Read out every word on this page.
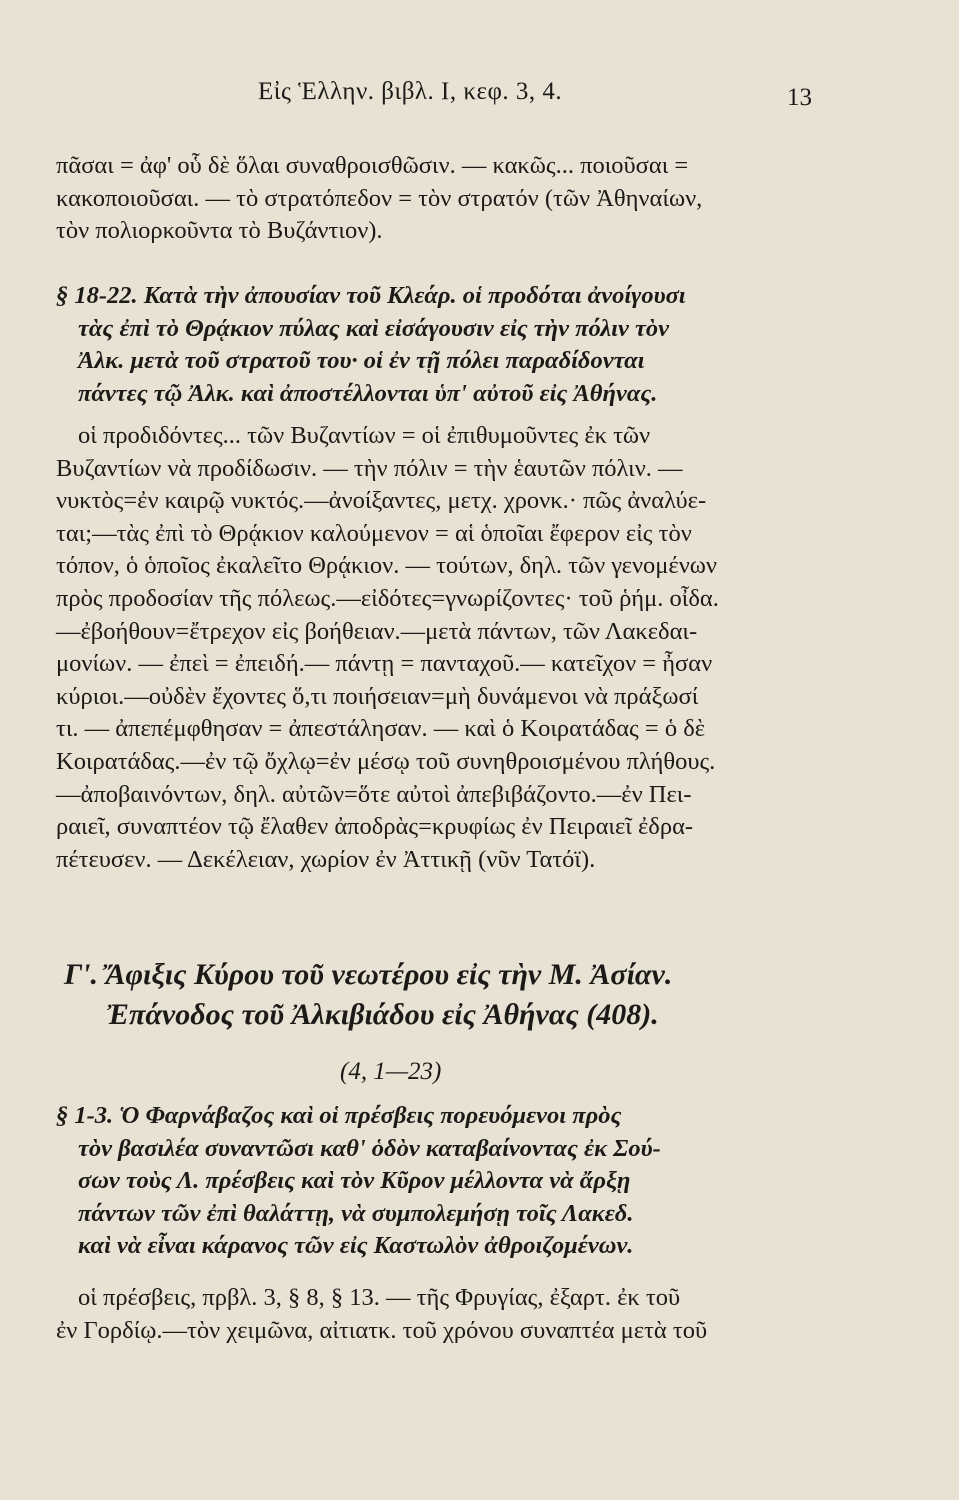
Εἰς Ἑλλην. βιβλ. Ι, κεφ. 3, 4.	13
πᾶσαι = ἀφ' οὗ δὲ ὅλαι συναθροισθῶσιν. — κακῶς... ποιοῦσαι =
κακοποιοῦσαι. — τὸ στρατόπεδον = τὸν στρατόν (τῶν Ἀθηναίων,
τὸν πολιορκοῦντα τὸ Βυζάντιον).
§ 18-22. Κατὰ τὴν ἀπουσίαν τοῦ Κλεάρ. οἱ προδόται ἀνοίγουσι
τὰς ἐπὶ τὸ Θρᾴκιον πύλας καὶ εἰσάγουσιν εἰς τὴν πόλιν τὸν
Ἀλκ. μετὰ τοῦ στρατοῦ του· οἱ ἐν τῇ πόλει παραδίδονται
πάντες τῷ Ἀλκ. καὶ ἀποστέλλονται ὑπ' αὐτοῦ εἰς Ἀθήνας.
οἱ προδιδόντες... τῶν Βυζαντίων = οἱ ἐπιθυμοῦντες ἐκ τῶν
Βυζαντίων νὰ προδίδωσιν. — τὴν πόλιν = τὴν ἑαυτῶν πόλιν. —
νυκτὸς=ἐν καιρῷ νυκτός.—ἀνοίξαντες, μετχ. χρονκ.· πῶς ἀναλύε-
ται;—τὰς ἐπὶ τὸ Θρᾴκιον καλούμενον = αἱ ὁποῖαι ἔφερον εἰς τὸν
τόπον, ὁ ὁποῖος ἐκαλεῖτο Θρᾴκιον. — τούτων, δηλ. τῶν γενομένων
πρὸς προδοσίαν τῆς πόλεως.—εἰδότες=γνωρίζοντες· τοῦ ῥήμ. οἶδα.
—ἐβοήθουν=ἔτρεχον εἰς βοήθειαν.—μετὰ πάντων, τῶν Λακεδαι-
μονίων. — ἐπεὶ = ἐπειδή.— πάντῃ = πανταχοῦ.— κατεῖχον = ἦσαν
κύριοι.—οὐδὲν ἔχοντες ὅ,τι ποιήσειαν=μὴ δυνάμενοι νὰ πράξωσί
τι. — ἀπεπέμφθησαν = ἀπεστάλησαν. — καὶ ὁ Κοιρατάδας = ὁ δὲ
Κοιρατάδας.—ἐν τῷ ὄχλῳ=ἐν μέσῳ τοῦ συνηθροισμένου πλήθους.
—ἀποβαινόντων, δηλ. αὐτῶν=ὅτε αὐτοὶ ἀπεβιβάζοντο.—ἐν Πει-
ραιεῖ, συναπτέον τῷ ἔλαθεν ἀποδρὰς=κρυφίως ἐν Πειραιεῖ ἐδρα-
πέτευσεν. — Δεκέλειαν, χωρίον ἐν Ἀττικῇ (νῦν Τατόϊ).
Γ'. Ἄφιξις Κύρου τοῦ νεωτέρου εἰς τὴν Μ. Ἀσίαν.
Ἐπάνοδος τοῦ Ἀλκιβιάδου εἰς Ἀθήνας (408).
(4, 1—23)
§ 1-3. Ὁ Φαρνάβαζος καὶ οἱ πρέσβεις πορευόμενοι πρὸς
τὸν βασιλέα συναντῶσι καθ' ὁδὸν καταβαίνοντας ἐκ Σού-
σων τοὺς Λ. πρέσβεις καὶ τὸν Κῦρον μέλλοντα νὰ ἄρξῃ
πάντων τῶν ἐπὶ θαλάττῃ, νὰ συμπολεμήσῃ τοῖς Λακεδ.
καὶ νὰ εἶναι κάρανος τῶν εἰς Καστωλὸν ἀθροιζομένων.
οἱ πρέσβεις, πρβλ. 3, § 8, § 13. — τῆς Φρυγίας, ἐξαρτ. ἐκ τοῦ
ἐν Γορδίῳ.—τὸν χειμῶνα, αἰτιατκ. τοῦ χρόνου συναπτέα μετὰ τοῦ
